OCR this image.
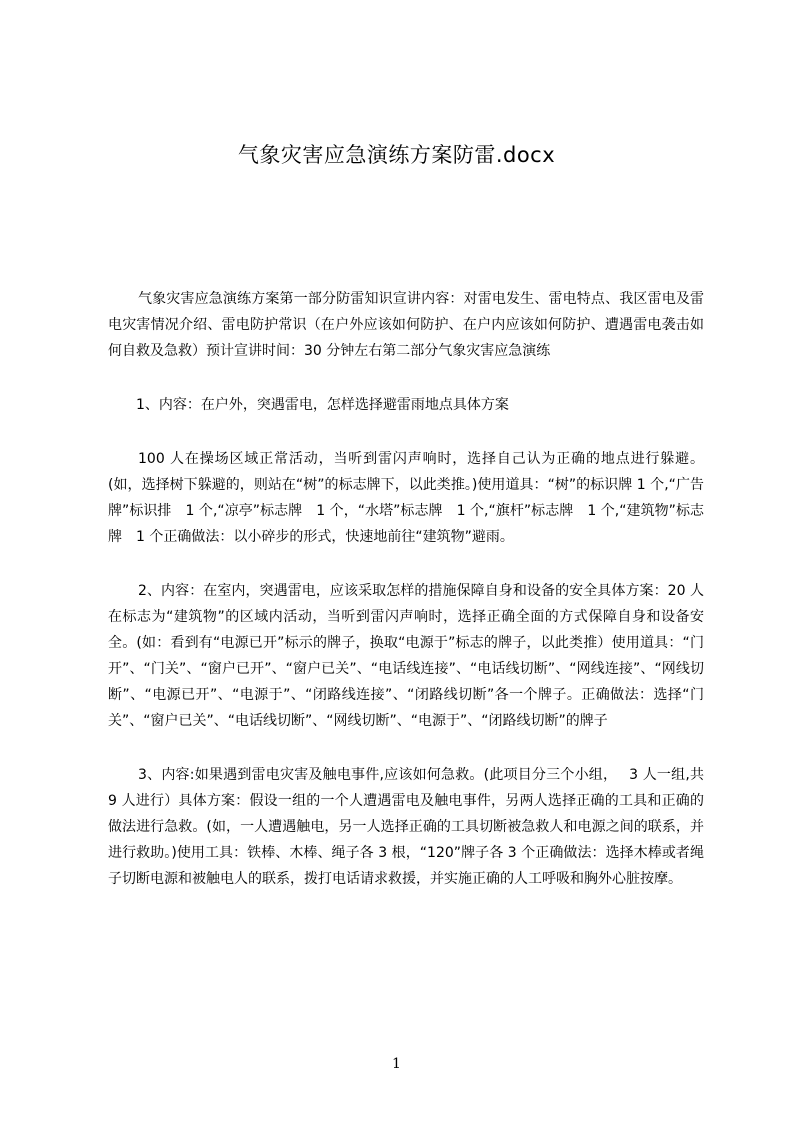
气象灾害应急演练方案防雷.docx

气象灾害应急演练方案第一部分防雷知识宣讲内容：对雷电发生、雷电特点、我区雷电及雷电灾害情况介绍、雷电防护常识（在户外应该如何防护、在户内应该如何防护、遭遇雷电袭击如何自救及急救）预计宣讲时间：30 分钟左右第二部分气象灾害应急演练

1、内容：在户外，突遇雷电，怎样选择避雷雨地点具体方案

100 人在操场区域正常活动，当听到雷闪声响时，选择自己认为正确的地点进行躲避。(如，选择树下躲避的，则站在“树”的标志牌下，以此类推。)使用道具：“树”的标识牌 1 个,“广告牌”标识排　1 个,“凉亭”标志牌　1 个，“水塔”标志牌　1 个,“旗杆”标志牌　1 个,“建筑物”标志牌　1 个正确做法：以小碎步的形式，快速地前往“建筑物”避雨。

2、内容：在室内，突遇雷电，应该采取怎样的措施保障自身和设备的安全具体方案：20 人在标志为“建筑物”的区域内活动，当听到雷闪声响时，选择正确全面的方式保障自身和设备安全。(如：看到有“电源已开”标示的牌子，换取“电源于”标志的牌子，以此类推）使用道具：“门开”、“门关”、“窗户已开”、“窗户已关”、“电话线连接”、“电话线切断”、“网线连接”、“网线切断”、“电源已开”、“电源于”、“闭路线连接”、“闭路线切断”各一个牌子。正确做法：选择“门关”、“窗户已关”、“电话线切断”、“网线切断”、“电源于”、“闭路线切断”的牌子

3、内容:如果遇到雷电灾害及触电事件,应该如何急救。(此项目分三个小组，　 3 人一组,共 9 人进行）具体方案：假设一组的一个人遭遇雷电及触电事件，另两人选择正确的工具和正确的做法进行急救。(如，一人遭遇触电，另一人选择正确的工具切断被急救人和电源之间的联系，并进行救助。)使用工具：铁棒、木棒、绳子各 3 根，“120”牌子各 3 个正确做法：选择木棒或者绳子切断电源和被触电人的联系，拨打电话请求救援，并实施正确的人工呼吸和胸外心脏按摩。

1
